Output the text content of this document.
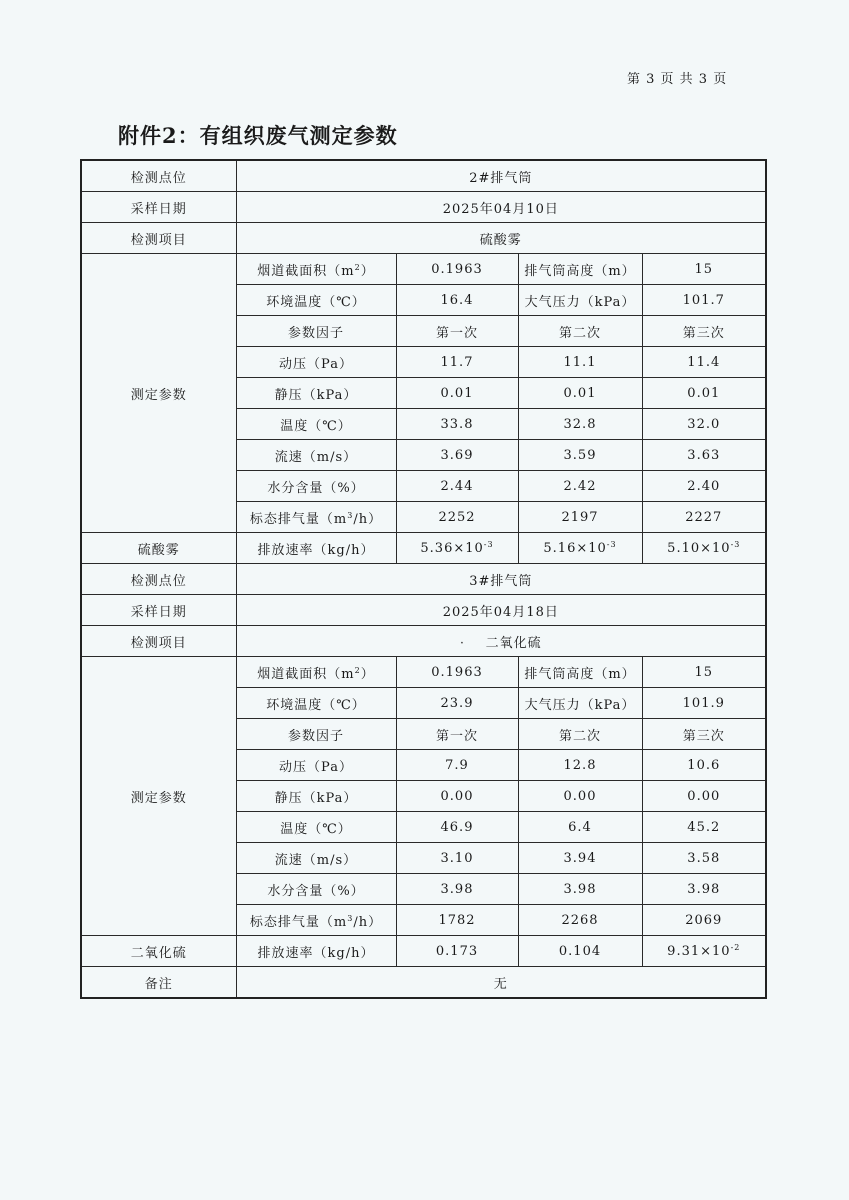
第 3 页 共 3 页
附件2：有组织废气测定参数
检测点位	2#排气筒			
采样日期	2025年04月10日			
检测项目	硫酸雾			
测定参数	烟道截面积$(m^2)$	0.1963	排气筒高度（m）	15
	环境温度（℃）	16.4	大气压力（kPa）	101.7
	参数因子	第一次	第二次	第三次
	动压（Pa）	11.7	11.1	11.4
	静压（kPa）	0.01	0.01	0.01
	温度（℃）	33.8	32.8	32.0
	流速（m/s）	3.69	3.59	3.63
	水分含量（%）	2.44	2.42	2.40
	标态排气量$(m^3/h)$	2252	2197	2227
硫酸雾	排放速率（kg/h）	$5.36\times 10^{-3}$	$5.16\times 10^{-3}$	$5.10\times 10^{-3}$
检测点位	3#排气筒			
采样日期	2025年04月18日			
检测项目	· 二氧化硫			
测定参数	烟道截面积$(m^2)$	0.1963	排气筒高度（m）	15
	环境温度（℃）	23.9	大气压力（kPa）	101.9
	参数因子	第一次	第二次	第三次
	动压（Pa）	7.9	12.8	10.6
	静压（kPa）	0.00	0.00	0.00
	温度（℃）	46.9	6.4	45.2
	流速（m/s）	3.10	3.94	3.58
	水分含量（%）	3.98	3.98	3.98
	标态排气量$(m^3/h)$	1782	2268	2069
二氧化硫	排放速率（kg/h）	0.173	0.104	$9.31\times 10^{-2}$
备注	无			
